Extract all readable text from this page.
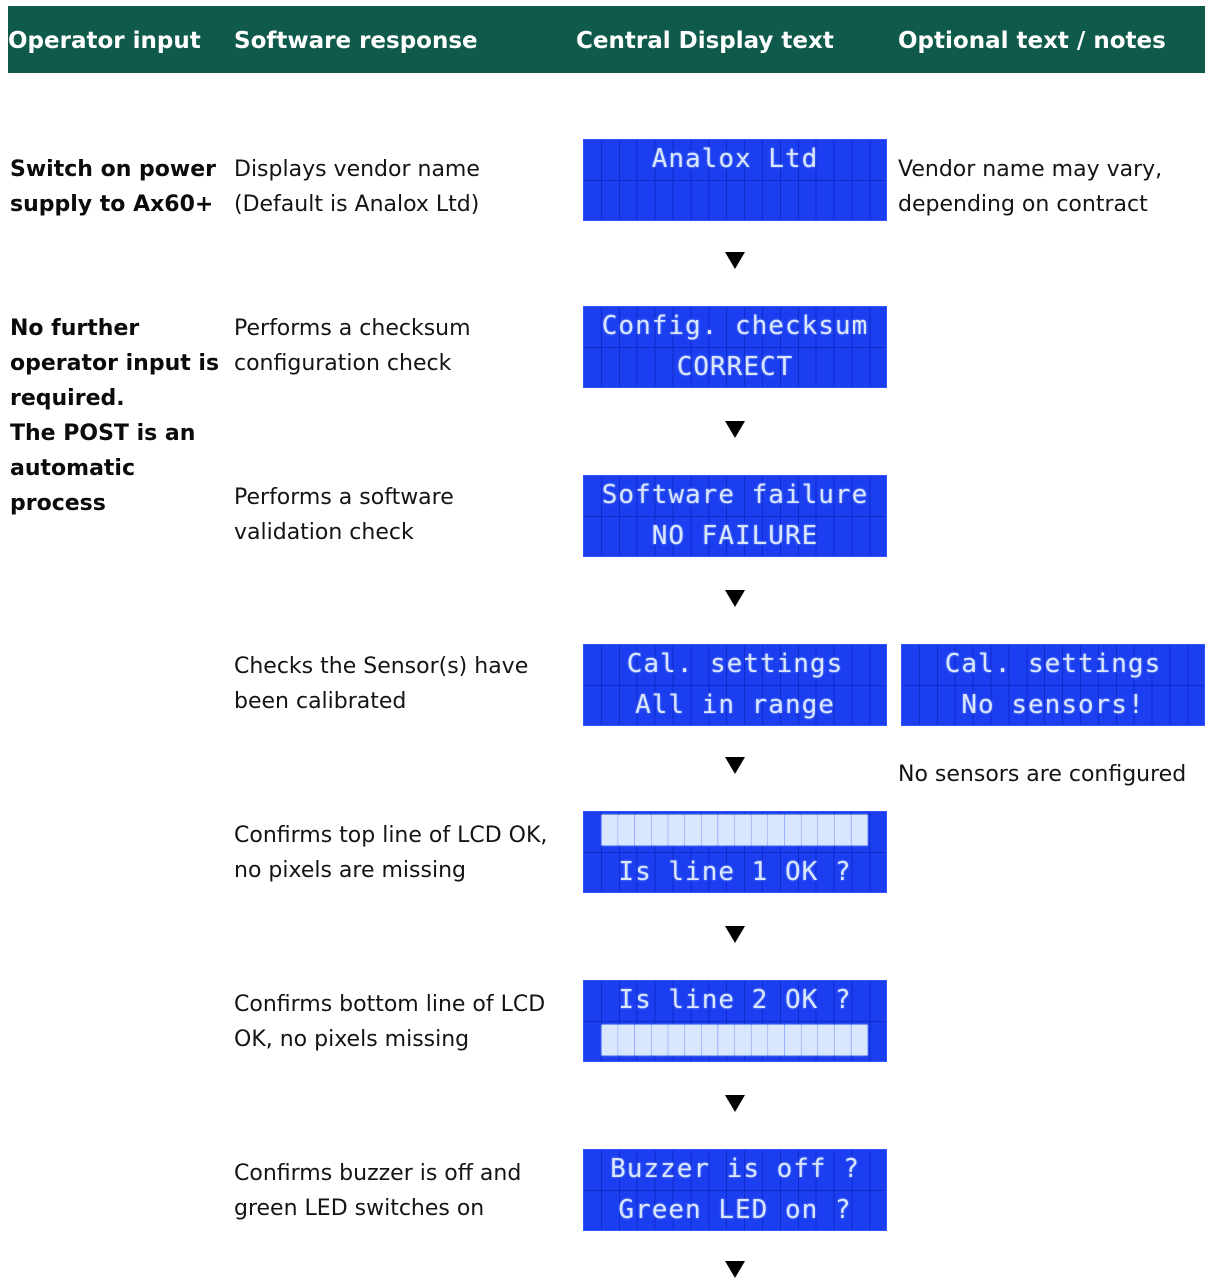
Operator input Software response	Central Display text	Optional text / notes
Switch on power
supply to Ax60+
No further
operator input is
required.
The POST is an
automatic
process
Displays vendor name
(Default is Analox Ltd)
Performs a checksum
configuration check
Performs a software
validation check
Checks the Sensor(s) have
been calibrated
Confirms top line of LCD OK,
no pixels are missing
Confirms bottom line of LCD
OK, no pixels missing
Confirms buzzer is off and
green LED switches on
Analox Ltd
Config. checksum
CORRECT
Software failure
NO FAILURE
Cal. settings
All in range
Cal. settings
No sensors!
████████████████
Is line 1 OK ?
Is line 2 OK ?
████████████████
Buzzer is off ?
Green LED on ?
Vendor name may vary,
depending on contract
No sensors are configured
